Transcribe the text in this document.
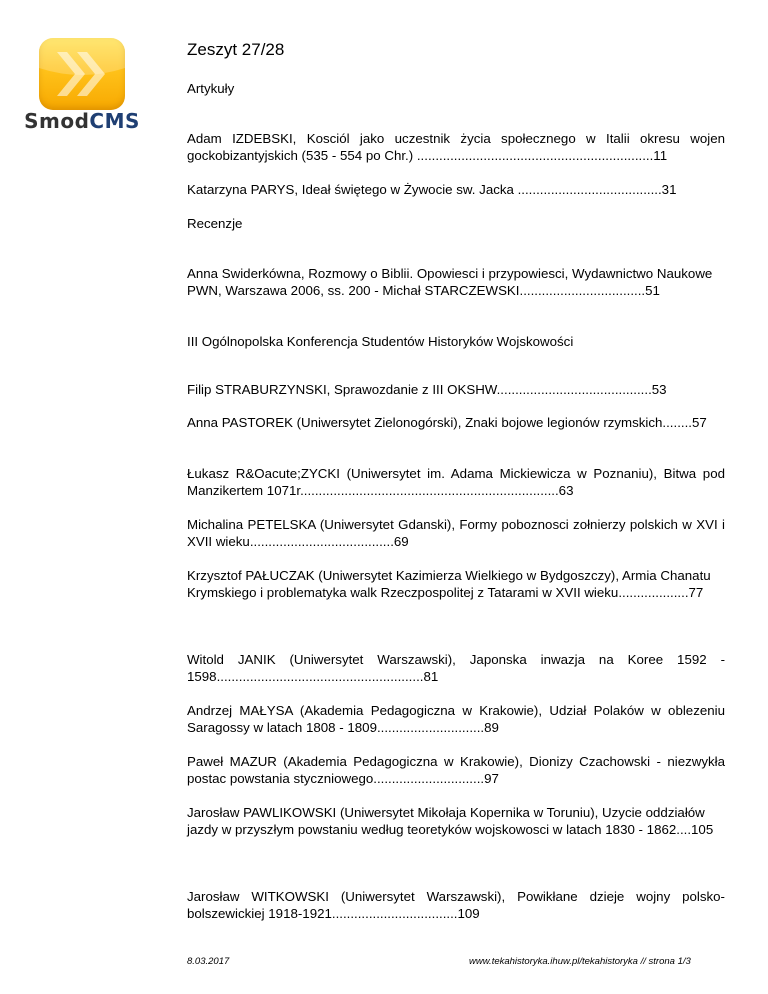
SmodCMS
Zeszyt 27/28

Artykuły

Adam IZDEBSKI, Kosciól jako uczestnik życia społecznego w Italii okresu wojen gockobizantyjskich (535 - 554 po Chr.) ................................................................11

Katarzyna PARYS, Ideał świętego w Żywocie sw. Jacka .......................................31

Recenzje

Anna Swiderkówna, Rozmowy o Biblii. Opowiesci i przypowiesci, Wydawnictwo Naukowe

PWN, Warszawa 2006, ss. 200 - Michał STARCZEWSKI..................................51

III Ogólnopolska Konferencja Studentów Historyków Wojskowości

Filip STRABURZYNSKI, Sprawozdanie z III OKSHW..........................................53

Anna PASTOREK (Uniwersytet Zielonogórski), Znaki bojowe legionów rzymskich........57

Łukasz R&Oacute;ZYCKI (Uniwersytet im. Adama Mickiewicza w Poznaniu), Bitwa pod Manzikertem 1071r......................................................................63

Michalina PETELSKA (Uniwersytet Gdanski), Formy poboznosci zołnierzy polskich w XVI i XVII wieku.......................................69

Krzysztof PAŁUCZAK (Uniwersytet Kazimierza Wielkiego w Bydgoszczy), Armia Chanatu

Krymskiego i problematyka walk Rzeczpospolitej z Tatarami w XVII wieku...................77

Witold JANIK (Uniwersytet Warszawski), Japonska inwazja na Koree 1592 - 1598........................................................81

Andrzej MAŁYSA (Akademia Pedagogiczna w Krakowie), Udział Polaków w oblezeniu Saragossy w latach 1808 - 1809.............................89

Paweł MAZUR (Akademia Pedagogiczna w Krakowie), Dionizy Czachowski - niezwykła postac powstania styczniowego..............................97

Jarosław PAWLIKOWSKI (Uniwersytet Mikołaja Kopernika w Toruniu), Uzycie oddziałów

jazdy w przyszłym powstaniu według teoretyków wojskowosci w latach 1830 - 1862....105

Jarosław WITKOWSKI (Uniwersytet Warszawski), Powikłane dzieje wojny polsko-bolszewickiej 1918-1921..................................109

8.03.2017	www.tekahistoryka.ihuw.pl/tekahistoryka // strona 1/3
